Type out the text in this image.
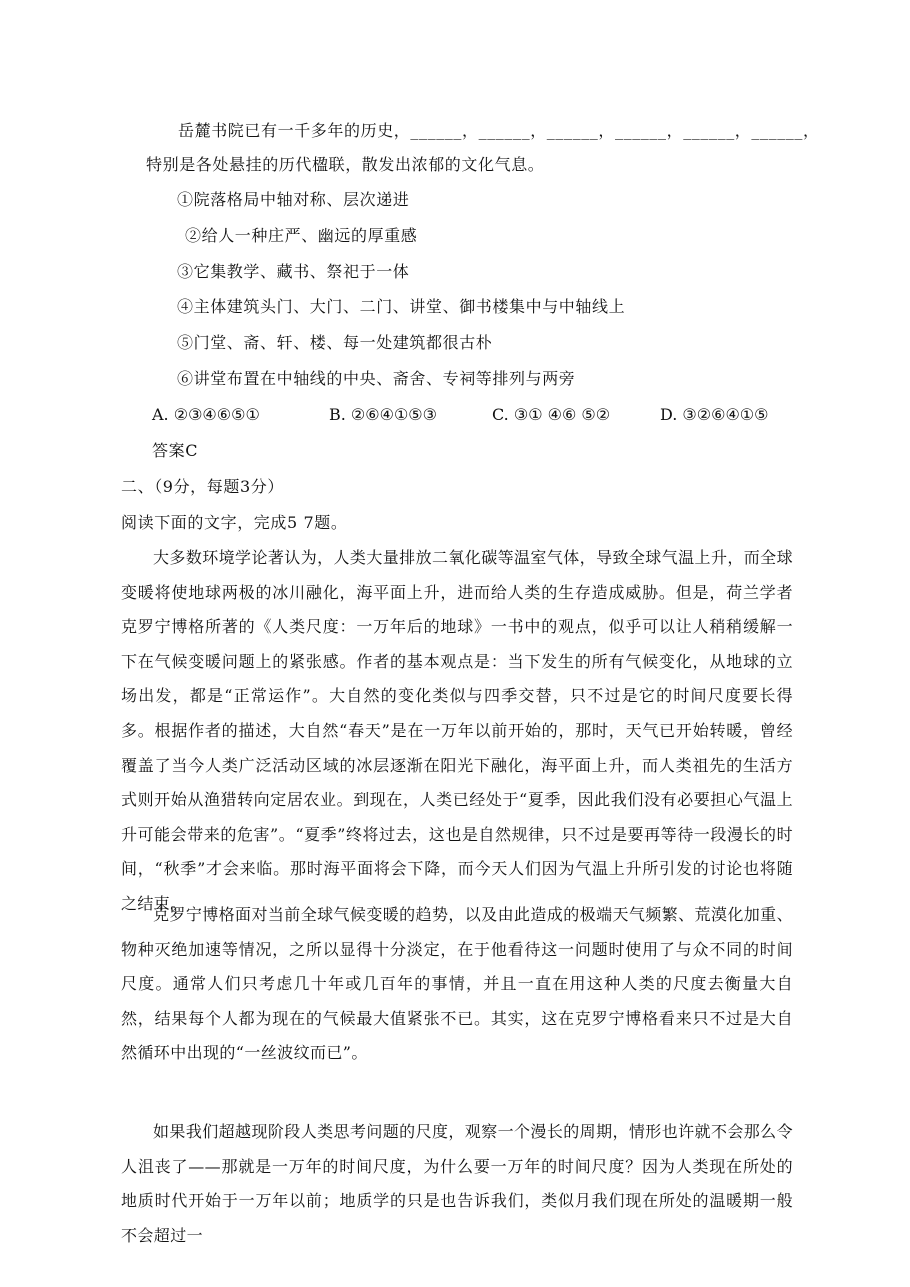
岳麓书院已有一千多年的历史，______，______，______，______，______，______，
特别是各处悬挂的历代楹联，散发出浓郁的文化气息。
①院落格局中轴对称、层次递进
②给人一种庄严、幽远的厚重感
③它集教学、藏书、祭祀于一体
④主体建筑头门、大门、二门、讲堂、御书楼集中与中轴线上
⑤门堂、斋、轩、楼、每一处建筑都很古朴
⑥讲堂布置在中轴线的中央、斋舍、专祠等排列与两旁
A. ②③④⑥⑤①	B. ②⑥④①⑤③	C. ③① ④⑥ ⑤②	D. ③②⑥④①⑤
答案C
二、（9分，每题3分）
阅读下面的文字，完成5 7题。
大多数环境学论著认为，人类大量排放二氧化碳等温室气体，导致全球气温上升，而全球变暖将使地球两极的冰川融化，海平面上升，进而给人类的生存造成威胁。但是，荷兰学者克罗宁博格所著的《人类尺度：一万年后的地球》一书中的观点，似乎可以让人稍稍缓解一下在气候变暖问题上的紧张感。作者的基本观点是：当下发生的所有气候变化，从地球的立场出发，都是“正常运作”。大自然的变化类似与四季交替，只不过是它的时间尺度要长得多。根据作者的描述，大自然“春天”是在一万年以前开始的，那时，天气已开始转暖，曾经覆盖了当今人类广泛活动区域的冰层逐渐在阳光下融化，海平面上升，而人类祖先的生活方式则开始从渔猎转向定居农业。到现在，人类已经处于“夏季，因此我们没有必要担心气温上升可能会带来的危害”。“夏季”终将过去，这也是自然规律，只不过是要再等待一段漫长的时间，“秋季”才会来临。那时海平面将会下降，而今天人们因为气温上升所引发的讨论也将随之结束。
克罗宁博格面对当前全球气候变暖的趋势，以及由此造成的极端天气频繁、荒漠化加重、物种灭绝加速等情况，之所以显得十分淡定，在于他看待这一问题时使用了与众不同的时间尺度。通常人们只考虑几十年或几百年的事情，并且一直在用这种人类的尺度去衡量大自然，结果每个人都为现在的气候最大值紧张不已。其实，这在克罗宁博格看来只不过是大自然循环中出现的“一丝波纹而已”。
如果我们超越现阶段人类思考问题的尺度，观察一个漫长的周期，情形也许就不会那么令人沮丧了——那就是一万年的时间尺度，为什么要一万年的时间尺度？因为人类现在所处的地质时代开始于一万年以前；地质学的只是也告诉我们，类似月我们现在所处的温暖期一般不会超过一
